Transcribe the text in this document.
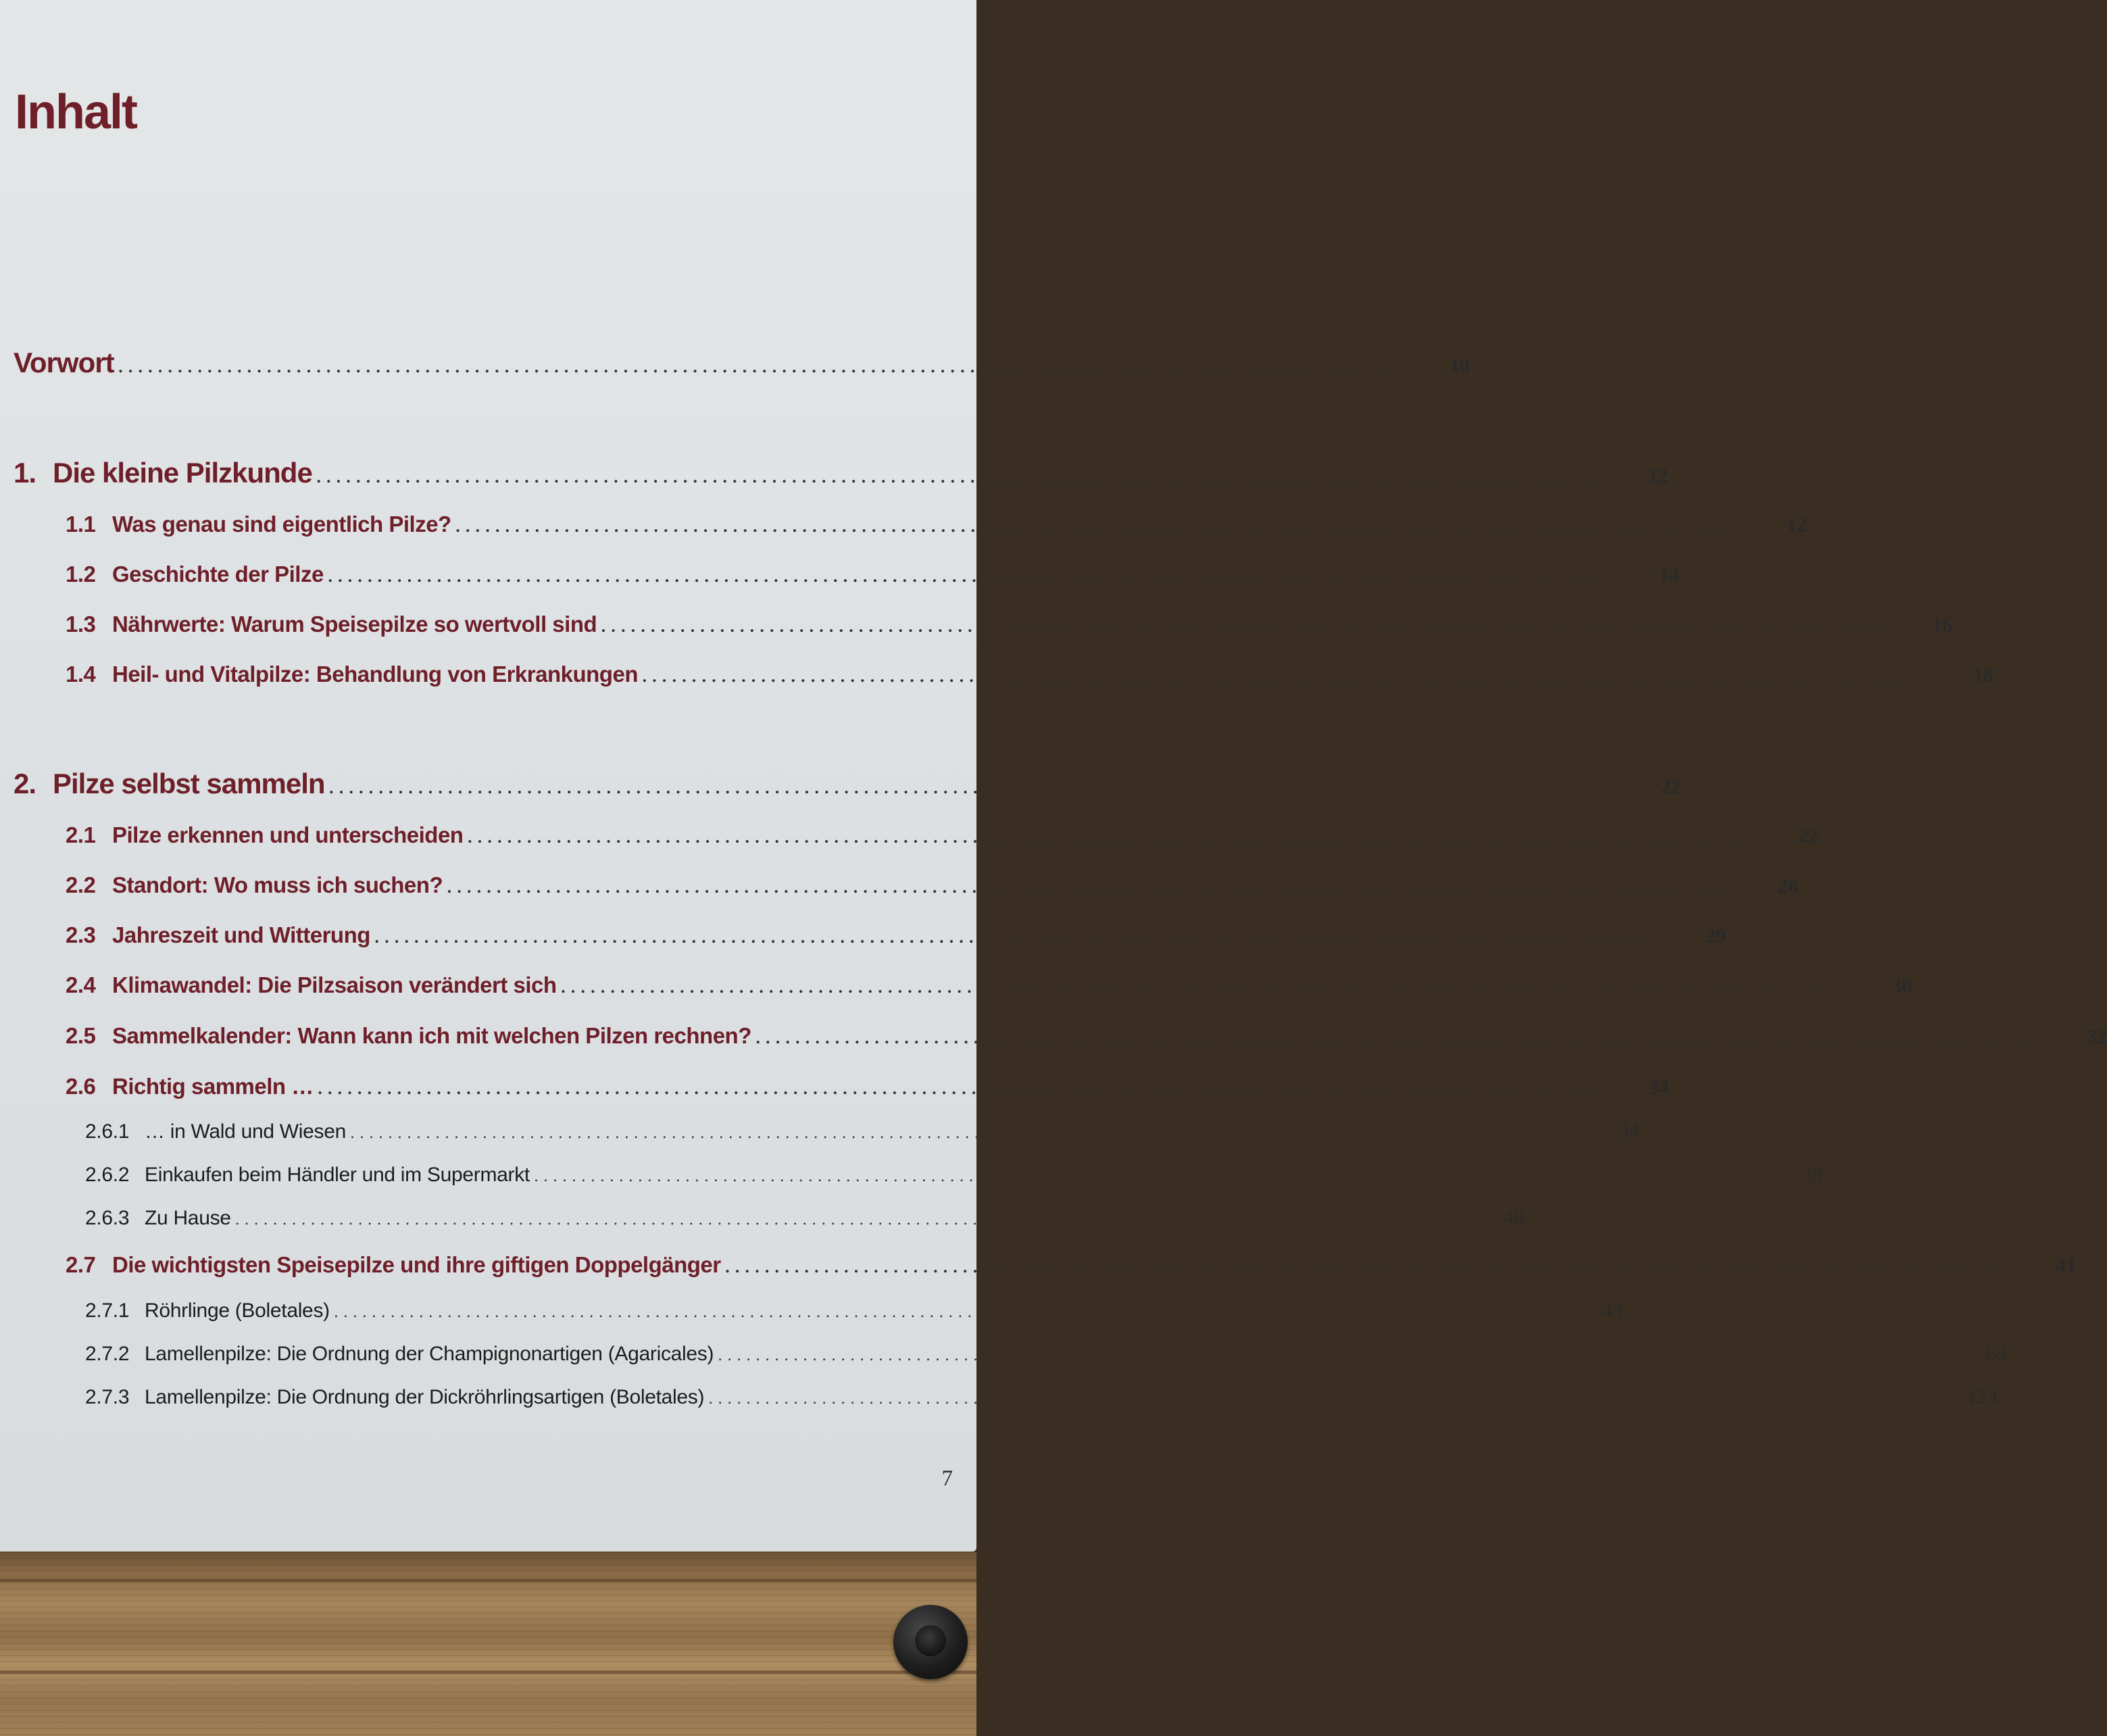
Inhalt
Vorwort ..................................................................................................................................	10
1. Die kleine Pilzkunde ..................................................................................................................................	12
1.1 Was genau sind eigentlich Pilze? ..................................................................................................................................	12
1.2 Geschichte der Pilze ..................................................................................................................................	14
1.3 Nährwerte: Warum Speisepilze so wertvoll sind ..................................................................................................................................	16
1.4 Heil- und Vitalpilze: Behandlung von Erkrankungen ..................................................................................................................................	18
2. Pilze selbst sammeln ..................................................................................................................................	22
2.1 Pilze erkennen und unterscheiden ..................................................................................................................................	22
2.2 Standort: Wo muss ich suchen? ..................................................................................................................................	26
2.3 Jahreszeit und Witterung ..................................................................................................................................	29
2.4 Klimawandel: Die Pilzsaison verändert sich ..................................................................................................................................	30
2.5 Sammelkalender: Wann kann ich mit welchen Pilzen rechnen? ..................................................................................................................................	32
2.6 Richtig sammeln … ..................................................................................................................................	34
2.6.1 … in Wald und Wiesen ..................................................................................................................................	34
2.6.2 Einkaufen beim Händler und im Supermarkt ..................................................................................................................................	39
2.6.3 Zu Hause ..................................................................................................................................	40
2.7 Die wichtigsten Speisepilze und ihre giftigen Doppelgänger ..................................................................................................................................	41
2.7.1 Röhrlinge (Boletales) ..................................................................................................................................	43
2.7.2 Lamellenpilze: Die Ordnung der Champignonartigen (Agaricales) ..................................................................................................................................	69
2.7.3 Lamellenpilze: Die Ordnung der Dickröhrlingsartigen (Boletales) ..................................................................................................................................	123
7
